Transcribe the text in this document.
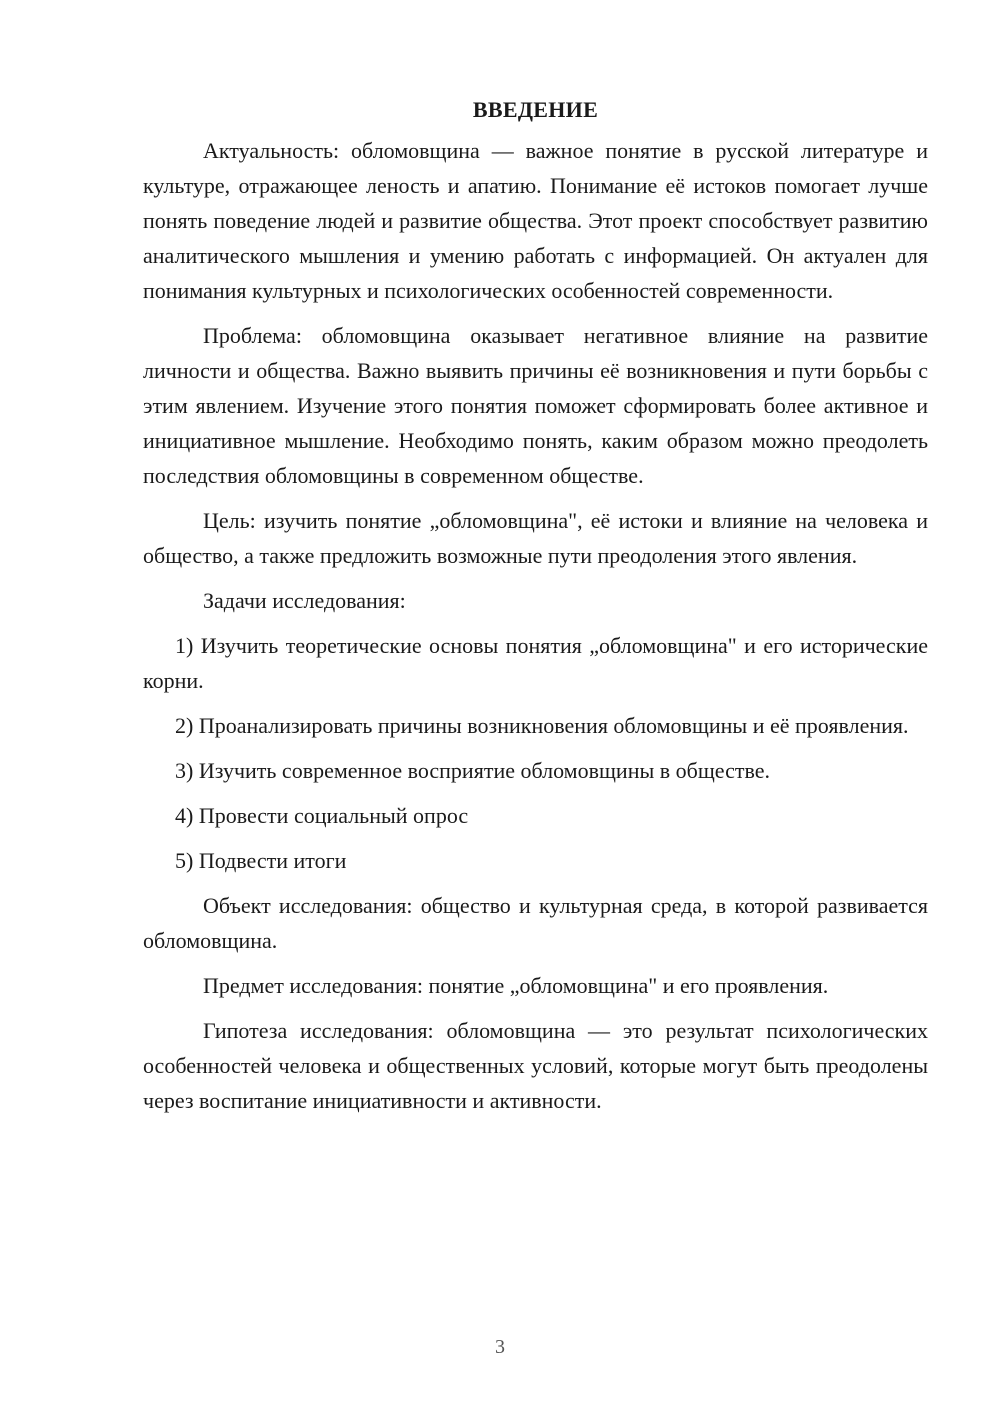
ВВЕДЕНИЕ

Актуальность: обломовщина — важное понятие в русской литературе и культуре, отражающее леность и апатию. Понимание её истоков помогает лучше понять поведение людей и развитие общества. Этот проект способствует развитию аналитического мышления и умению работать с информацией. Он актуален для понимания культурных и психологических особенностей современности.

Проблема: обломовщина оказывает негативное влияние на развитие личности и общества. Важно выявить причины её возникновения и пути борьбы с этим явлением. Изучение этого понятия поможет сформировать более активное и инициативное мышление. Необходимо понять, каким образом можно преодолеть последствия обломовщины в современном обществе.

Цель: изучить понятие „обломовщина", её истоки и влияние на человека и общество, а также предложить возможные пути преодоления этого явления.

Задачи исследования:

1) Изучить теоретические основы понятия „обломовщина" и его исторические корни.

2) Проанализировать причины возникновения обломовщины и её проявления.

3) Изучить современное восприятие обломовщины в обществе.

4) Провести социальный опрос

5) Подвести итоги

Объект исследования: общество и культурная среда, в которой развивается обломовщина.

Предмет исследования: понятие „обломовщина" и его проявления.

Гипотеза исследования: обломовщина — это результат психологических особенностей человека и общественных условий, которые могут быть преодолены через воспитание инициативности и активности.

3
